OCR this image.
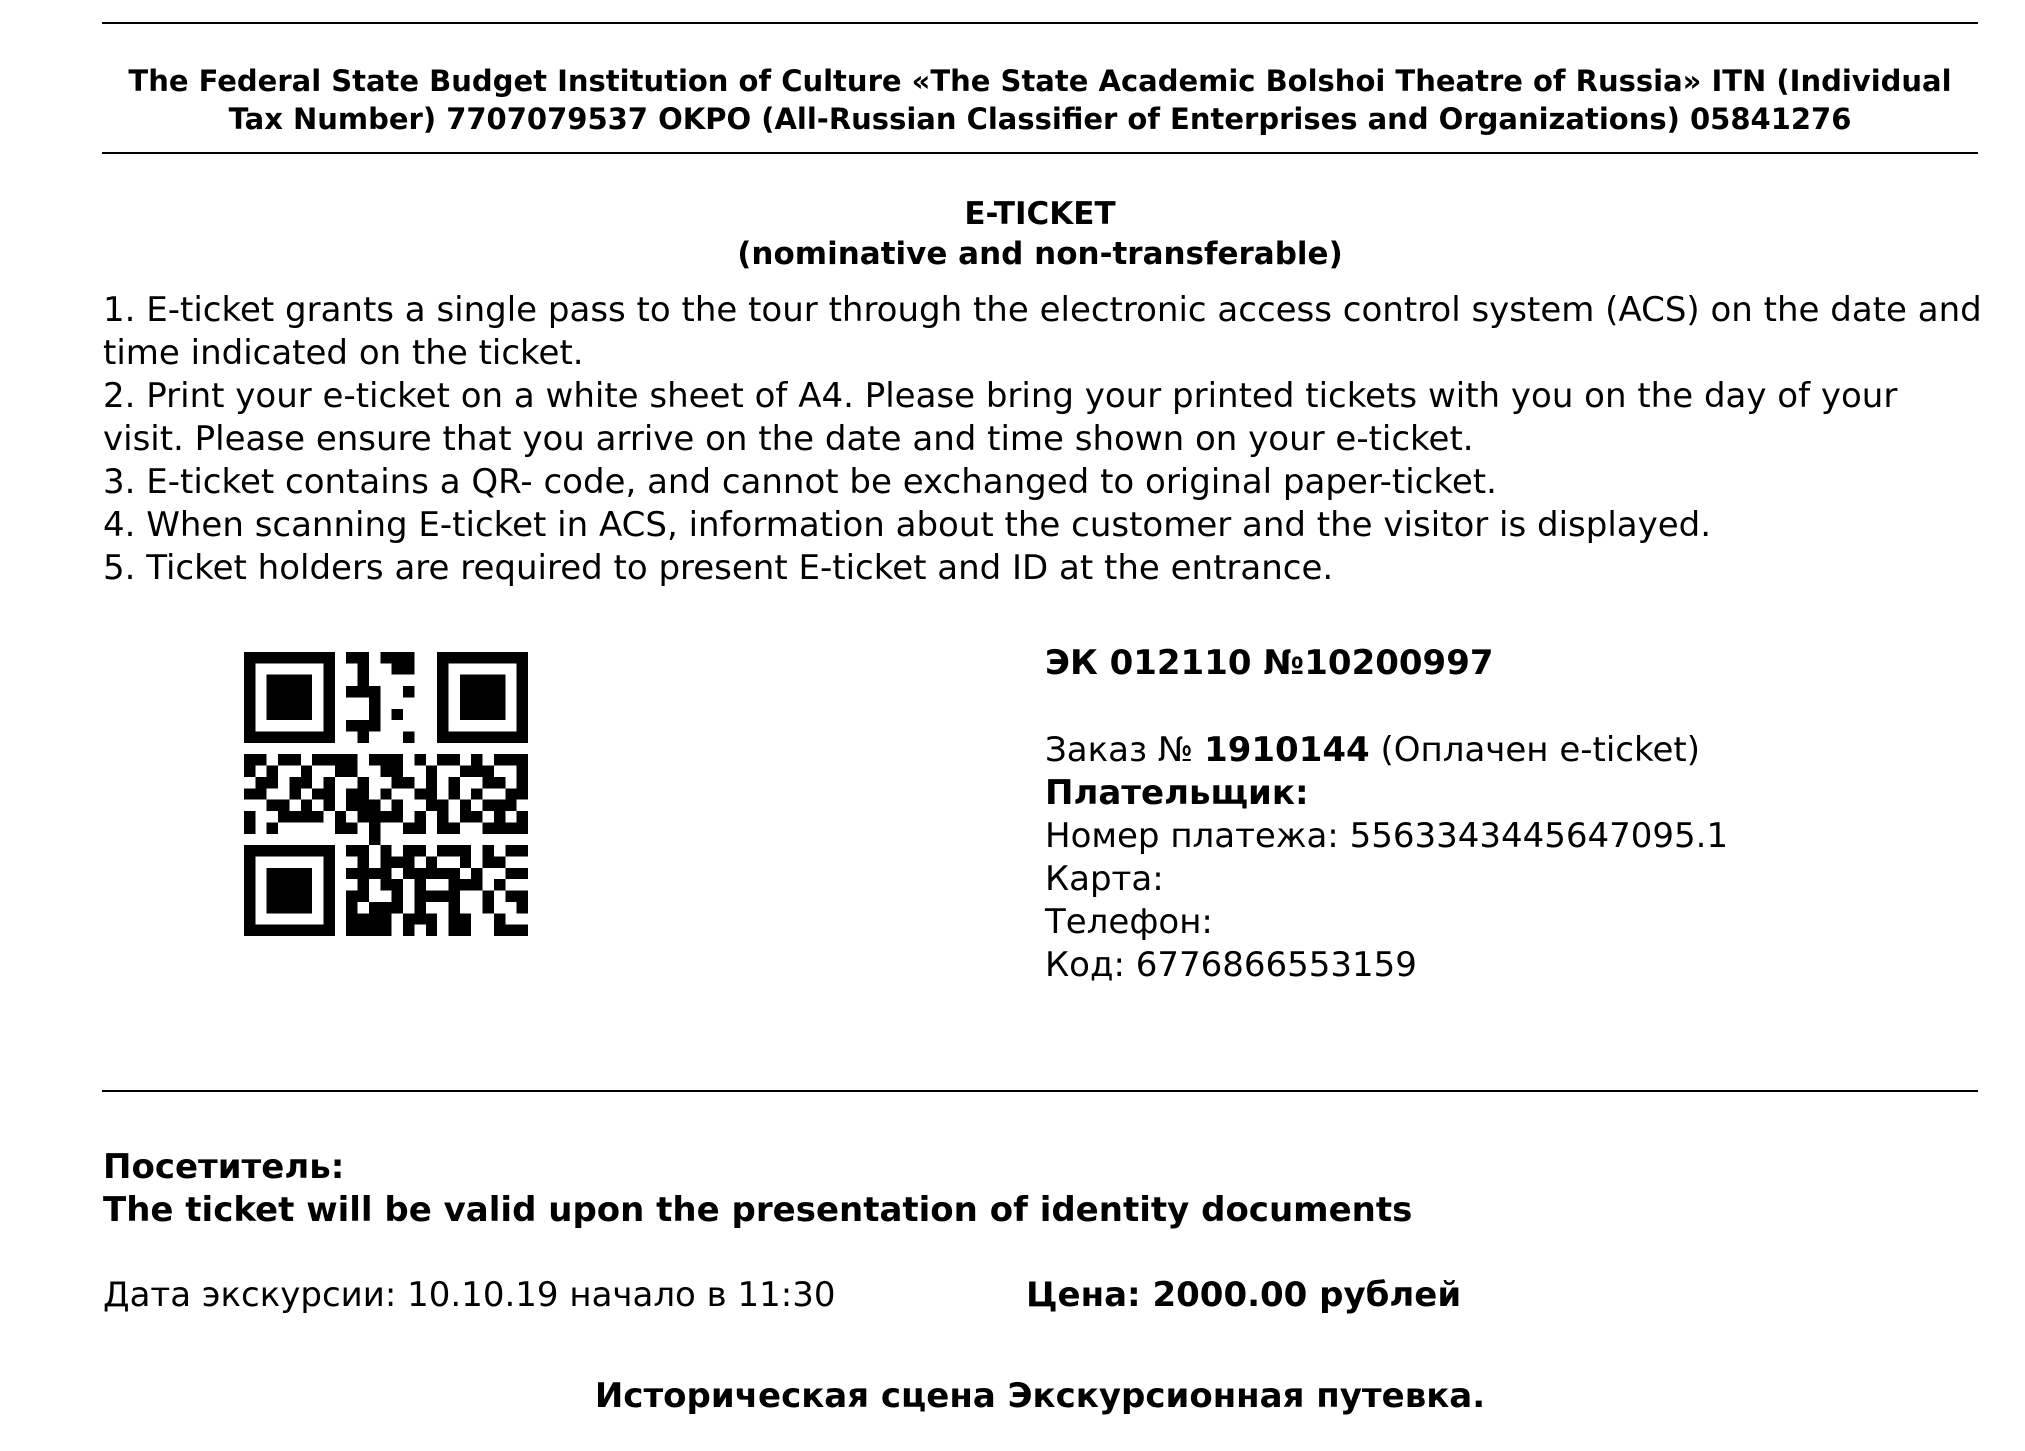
The Federal State Budget Institution of Culture «The State Academic Bolshoi Theatre of Russia» ITN (Individual Tax Number) 7707079537 OKPO (All-Russian Classifier of Enterprises and Organizations) 05841276
E-TICKET
(nominative and non-transferable)
1. E-ticket grants a single pass to the tour through the electronic access control system (ACS) on the date and time indicated on the ticket.
2. Print your e-ticket on a white sheet of A4. Please bring your printed tickets with you on the day of your visit. Please ensure that you arrive on the date and time shown on your e-ticket.
3. E-ticket contains a QR- code, and cannot be exchanged to original paper-ticket.
4. When scanning E-ticket in ACS, information about the customer and the visitor is displayed.
5. Ticket holders are required to present E-ticket and ID at the entrance.
ЭК 012110 №10200997
Заказ № 1910144 (Оплачен e-ticket)
Плательщик:
Номер платежа: 5563343445647095.1
Карта:
Телефон:
Код: 6776866553159
Посетитель:
The ticket will be valid upon the presentation of identity documents
Дата экскурсии: 10.10.19 начало в 11:30	Цена: 2000.00 рублей
Историческая сцена Экскурсионная путевка.
